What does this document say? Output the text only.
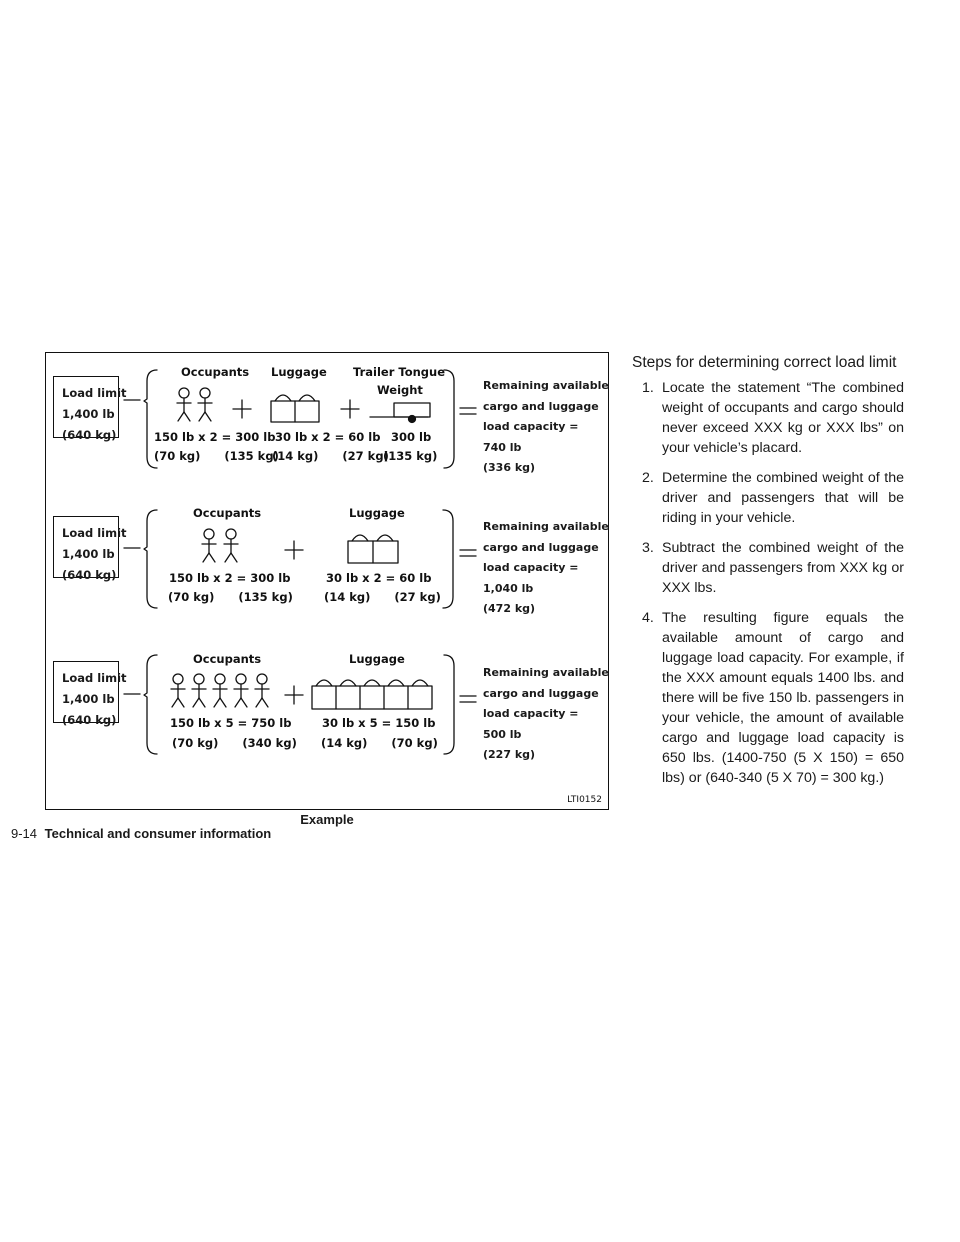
Load limit
1,400 lb
(640 kg)
Occupants Luggage Trailer Tongue
Weight
150 lb x 2 = 300 lb
(70 kg)      (135 kg)
30 lb x 2 = 60 lb
(14 kg)      (27 kg)
300 lb
(135 kg)
Remaining available
cargo and luggage
load capacity =
740 lb
(336 kg)
Load limit
1,400 lb
(640 kg)
Occupants	Luggage
150 lb x 2 = 300 lb
(70 kg)      (135 kg)
30 lb x 2 = 60 lb
(14 kg)      (27 kg)
Remaining available
cargo and luggage
load capacity =
1,040 lb
(472 kg)
Load limit
1,400 lb
(640 kg)
Occupants	Luggage
150 lb x 5 = 750 lb
(70 kg)      (340 kg)
30 lb x 5 = 150 lb
(14 kg)      (70 kg)
Remaining available
cargo and luggage
load capacity =
500 lb
(227 kg)
LTI0152
Example
9-14 Technical and consumer information
Steps for determining correct load limit
1. Locate the statement “The combined weight of occupants and cargo should never exceed XXX kg or XXX lbs” on your vehicle’s placard.
2. Determine the combined weight of the driver and passengers that will be riding in your vehicle.
3. Subtract the combined weight of the driver and passengers from XXX kg or XXX lbs.
4. The resulting figure equals the available amount of cargo and luggage load capacity. For example, if the XXX amount equals 1400 lbs. and there will be five 150 lb. passengers in your vehicle, the amount of available cargo and luggage load capacity is 650 lbs. (1400-750 (5 X 150) = 650 lbs) or (640-340 (5 X 70) = 300 kg.)
